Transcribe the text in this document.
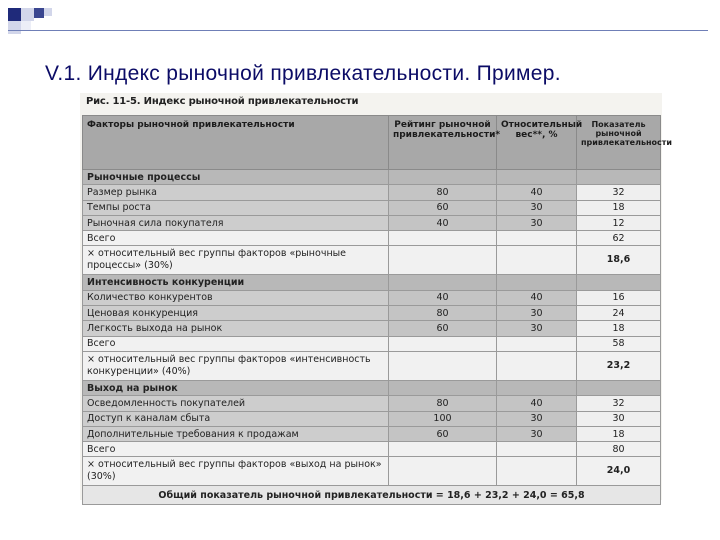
V.1. Индекс рыночной привлекательности. Пример.
Рис. 11-5. Индекс рыночной привлекательности
Факторы рыночной привлекательности	Рейтинг рыночной привлекательности*	Относительный вес**, %	Показатель рыночной привлекательности
Рыночные процессы			
Размер рынка	80	40	32
Темпы роста	60	30	18
Рыночная сила покупателя	40	30	12
Всего			62
× относительный вес группы факторов «рыночные процессы» (30%)			18,6
Интенсивность конкуренции			
Количество конкурентов	40	40	16
Ценовая конкуренция	80	30	24
Легкость выхода на рынок	60	30	18
Всего			58
× относительный вес группы факторов «интенсивность конкуренции» (40%)			23,2
Выход на рынок			
Осведомленность покупателей	80	40	32
Доступ к каналам сбыта	100	30	30
Дополнительные требования к продажам	60	30	18
Всего			80
× относительный вес группы факторов «выход на рынок» (30%)			24,0
Общий показатель рыночной привлекательности = 18,6 + 23,2 + 24,0 = 65,8			
